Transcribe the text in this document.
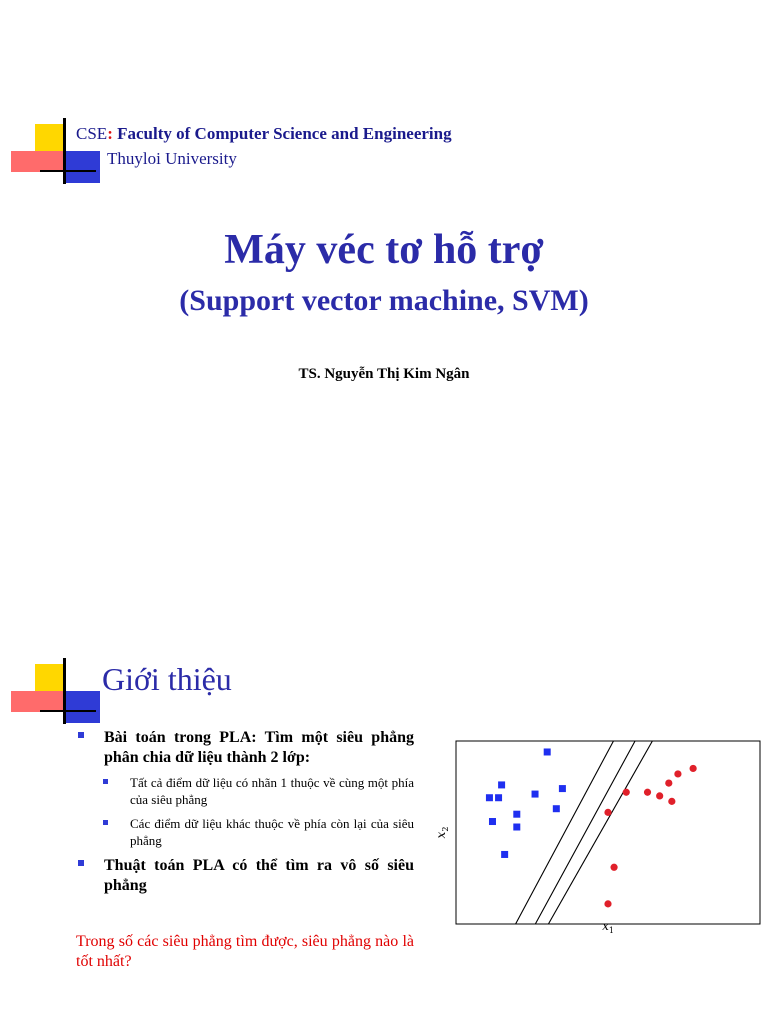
CSE: Faculty of Computer Science and Engineering
Thuyloi University
Máy véc tơ hỗ trợ
(Support vector machine, SVM)
TS. Nguyễn Thị Kim Ngân
Giới thiệu
Bài toán trong PLA: Tìm một siêu phẳng phân chia dữ liệu thành 2 lớp:
Tất cả điểm dữ liệu có nhãn 1 thuộc về cùng một phía của siêu phẳng
Các điểm dữ liệu khác thuộc về phía còn lại của siêu phẳng
Thuật toán PLA có thể tìm ra vô số siêu phẳng
Trong số các siêu phẳng tìm được, siêu phẳng nào là tốt nhất?
$x_1$
$x_2$
